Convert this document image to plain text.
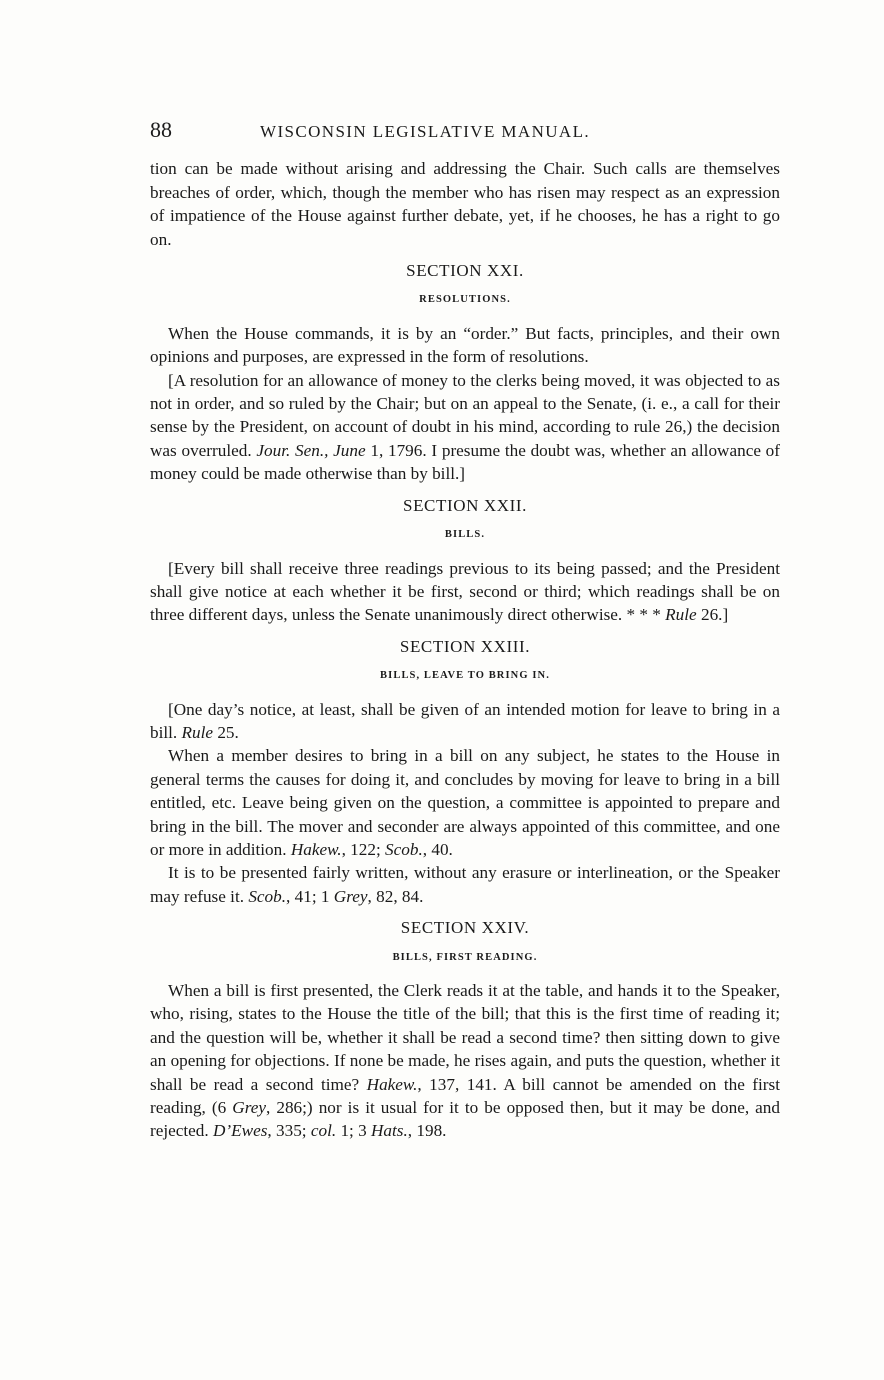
88	WISCONSIN LEGISLATIVE MANUAL.

tion can be made without arising and addressing the Chair. Such calls are themselves breaches of order, which, though the member who has risen may respect as an expression of impatience of the House against further debate, yet, if he chooses, he has a right to go on.

SECTION XXI.
RESOLUTIONS.

When the House commands, it is by an “order.” But facts, principles, and their own opinions and purposes, are expressed in the form of resolutions.

[A resolution for an allowance of money to the clerks being moved, it was objected to as not in order, and so ruled by the Chair; but on an appeal to the Senate, (i. e., a call for their sense by the President, on account of doubt in his mind, according to rule 26,) the decision was overruled. Jour. Sen., June 1, 1796. I presume the doubt was, whether an allowance of money could be made otherwise than by bill.]

SECTION XXII.
BILLS.

[Every bill shall receive three readings previous to its being passed; and the President shall give notice at each whether it be first, second or third; which readings shall be on three different days, unless the Senate unanimously direct otherwise. * * * Rule 26.]

SECTION XXIII.
BILLS, LEAVE TO BRING IN.

[One day’s notice, at least, shall be given of an intended motion for leave to bring in a bill. Rule 25.

When a member desires to bring in a bill on any subject, he states to the House in general terms the causes for doing it, and concludes by moving for leave to bring in a bill entitled, etc. Leave being given on the question, a committee is appointed to prepare and bring in the bill. The mover and seconder are always appointed of this committee, and one or more in addition. Hakew., 122; Scob., 40.

It is to be presented fairly written, without any erasure or interlineation, or the Speaker may refuse it. Scob., 41; 1 Grey, 82, 84.

SECTION XXIV.
BILLS, FIRST READING.

When a bill is first presented, the Clerk reads it at the table, and hands it to the Speaker, who, rising, states to the House the title of the bill; that this is the first time of reading it; and the question will be, whether it shall be read a second time? then sitting down to give an opening for objections. If none be made, he rises again, and puts the question, whether it shall be read a second time? Hakew., 137, 141. A bill cannot be amended on the first reading, (6 Grey, 286;) nor is it usual for it to be opposed then, but it may be done, and rejected. D’Ewes, 335; col. 1; 3 Hats., 198.
